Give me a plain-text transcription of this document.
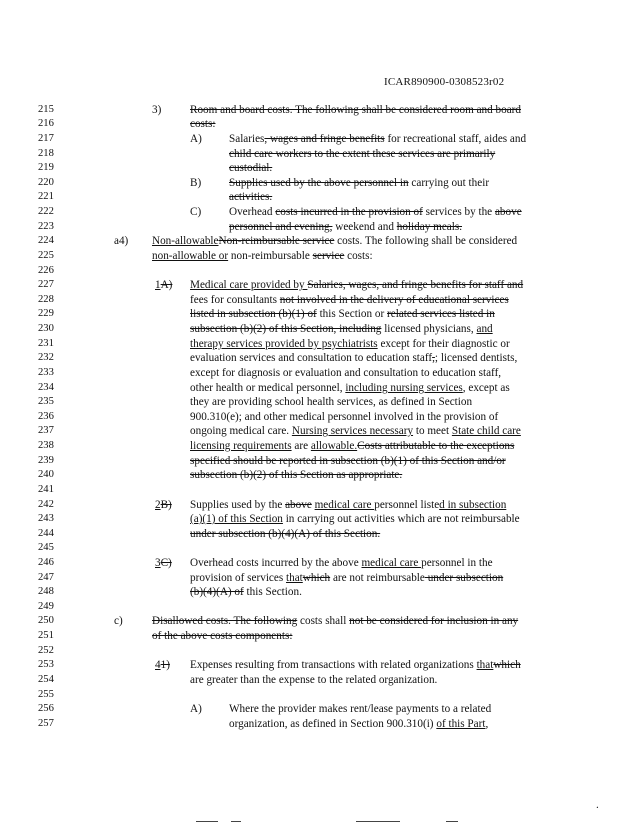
ICAR890900-0308523r02
215
216
217
218
219
220
221
222
223
224
225
226
227
228
229
230
231
232
233
234
235
236
237
238
239
240
241
242
243
244
245
246
247
248
249
250
251
252
253
254
255
256
257
3)	Room and board costs. The following shall be considered room and board
costs:
A) Salaries, wages and fringe benefits for recreational staff, aides and
child care workers to the extent these services are primarily
custodial.
B) Supplies used by the above personnel in carrying out their
activities.
C) Overhead costs incurred in the provision of services by the above
personnel and evening, weekend and holiday meals.
a4) Non-allowableNon-reimbursable service costs. The following shall be considered
non-allowable or non-reimbursable service costs:
1A) Medical care provided by Salaries, wages, and fringe benefits for staff and
fees for consultants not involved in the delivery of educational services
listed in subsection (b)(1) of this Section or related services listed in
subsection (b)(2) of this Section, including licensed physicians, and
therapy services provided by psychiatrists except for their diagnostic or
evaluation services and consultation to education staff,; licensed dentists,
except for diagnosis or evaluation and consultation to education staff,
other health or medical personnel, including nursing services, except as
they are providing school health services, as defined in Section
900.310(e); and other medical personnel involved in the provision of
ongoing medical care. Nursing services necessary to meet State child care
licensing requirements are allowable.Costs attributable to the exceptions
specified should be reported in subsection (b)(1) of this Section and/or
subsection (b)(2) of this Section as appropriate.
2B) Supplies used by the above medical care personnel listed in subsection
(a)(1) of this Section in carrying out activities which are not reimbursable
under subsection (b)(4)(A) of this Section.
3C) Overhead costs incurred by the above medical care personnel in the
provision of services thatwhich are not reimbursable under subsection
(b)(4)(A) of this Section.
c)	Disallowed costs. The following costs shall not be considered for inclusion in any
of the above costs components:
41) Expenses resulting from transactions with related organizations thatwhich
are greater than the expense to the related organization.
A) Where the provider makes rent/lease payments to a related
organization, as defined in Section 900.310(i) of this Part,
.
